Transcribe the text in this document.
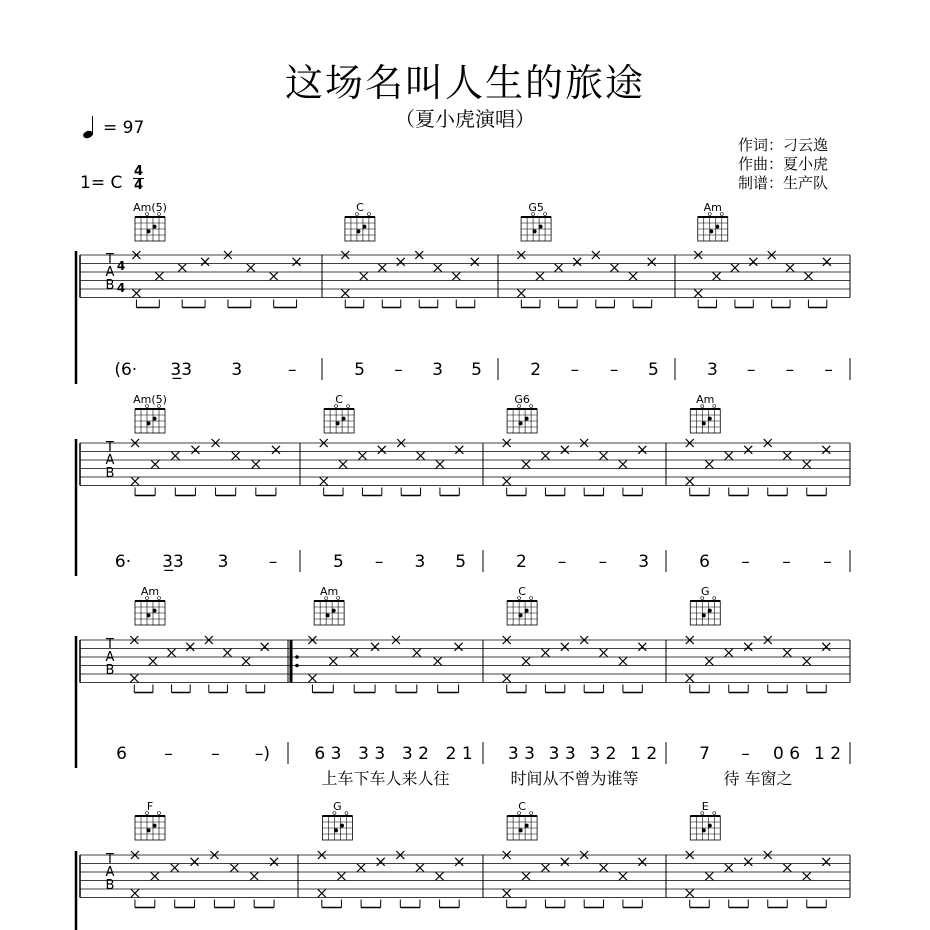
这场名叫人生的旅途
（夏小虎演唱）
= 97
1= C
4
4
作词：刁云逸
作曲：夏小虎
制谱：生产队
T
A
B
4
4
Am(5)
(6· 3̲3 3	–
C
5 – 3 5
G5
2 – – 5
Am
3 – – –
T
A
B
Am(5)
6· 3̲3 3 –
C
5 – 3 5
G6
2 – – 3
Am
6 – – –
T
A
B
Am
6 – – –)
Am
6 3 3 3 3 2 2 1
上车下车人来人往
C
3 3 3 3 3 2 1 2
时间从不曾为谁等
G
7 – 0 6 1 2
待 车窗之
T
A
B
F	G	C	E
